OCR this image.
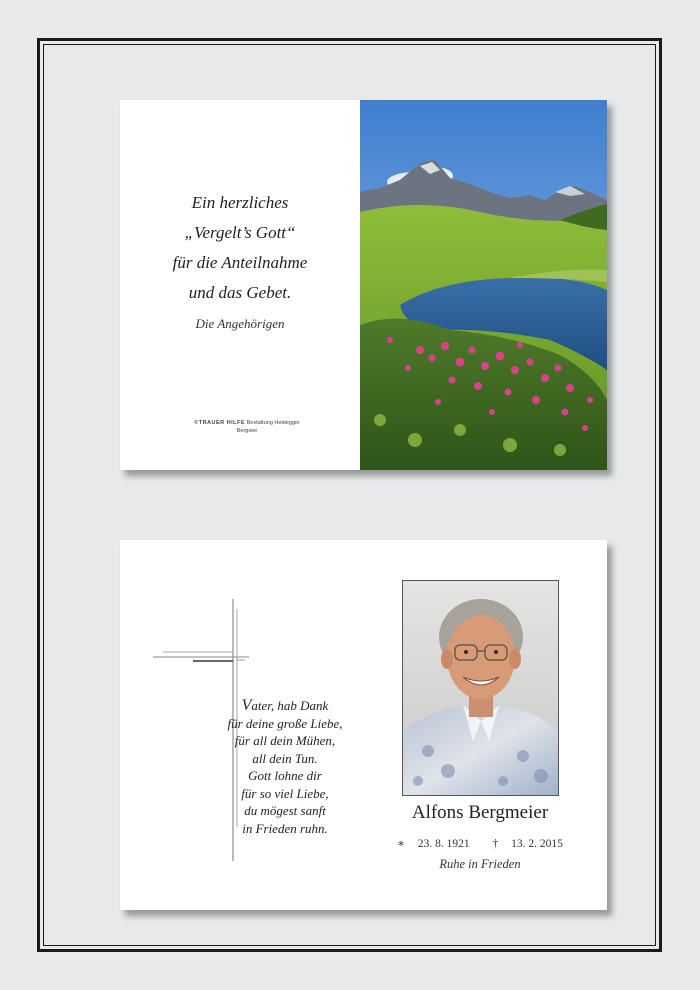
Ein herzliches
„Vergelt’s Gott“
für die Anteilnahme
und das Gebet.
Die Angehörigen
©TRAUER HILFE Bestattung Heidegger
Bergsee
Vater, hab Dank
für deine große Liebe,
für all dein Mühen,
all dein Tun.
Gott lohne dir
für so viel Liebe,
du mögest sanft
in Frieden ruhn.
Alfons Bergmeier
∗ 23. 8. 1921 † 13. 2. 2015
Ruhe in Frieden
